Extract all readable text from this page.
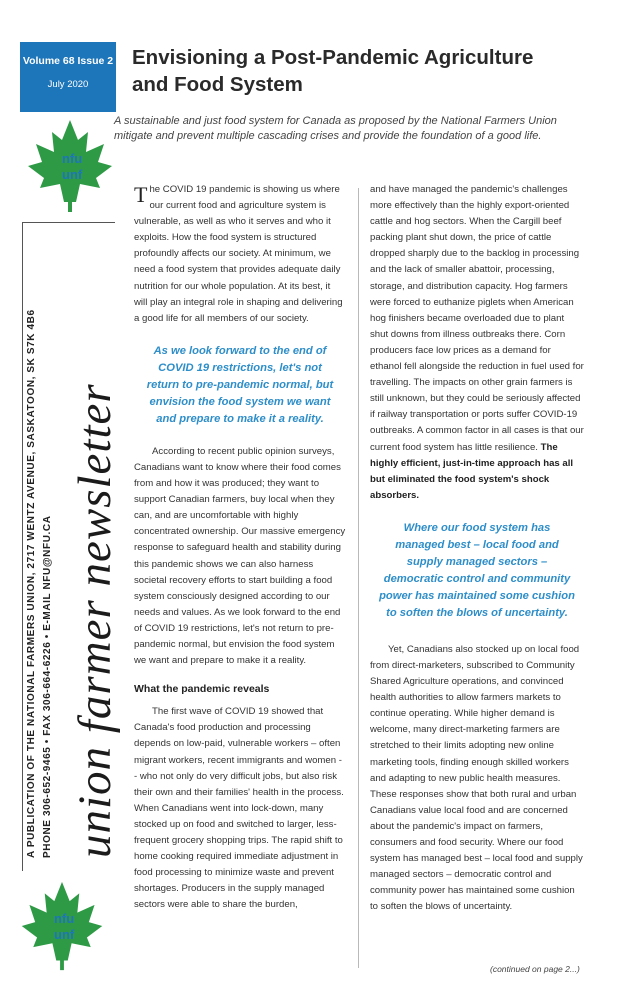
Volume 68 Issue 2
July 2020
nfu
unf
union farmer newsletter
A PUBLICATION OF THE NATIONAL FARMERS UNION, 2717 WENTZ AVENUE, SASKATOON, SK S7K 4B6 PHONE 306-652-9465 • FAX 306-664-6226 • E-MAIL NFU@NFU.CA
nfu
unf
Envisioning a Post-Pandemic Agriculture
and Food System
A sustainable and just food system for Canada as proposed by the National Farmers Union mitigate and prevent multiple cascading crises and provide the foundation of a good life.

The COVID 19 pandemic is showing us where our current food and agriculture system is vulnerable, as well as who it serves and who it exploits. How the food system is structured profoundly affects our society. At minimum, we need a food system that provides adequate daily nutrition for our whole population. At its best, it will play an integral role in shaping and delivering a good life for all members of our society.

As we look forward to the end of COVID 19 restrictions, let's not return to pre-pandemic normal, but envision the food system we want and prepare to make it a reality.

According to recent public opinion surveys, Canadians want to know where their food comes from and how it was produced; they want to support Canadian farmers, buy local when they can, and are uncomfortable with highly concentrated ownership. Our massive emergency response to safeguard health and stability during this pandemic shows we can also harness societal recovery efforts to start building a food system consciously designed according to our needs and values. As we look forward to the end of COVID 19 restrictions, let's not return to pre-pandemic normal, but envision the food system we want and prepare to make it a reality.

What the pandemic reveals

The first wave of COVID 19 showed that Canada's food production and processing depends on low-paid, vulnerable workers – often migrant workers, recent immigrants and women - - who not only do very difficult jobs, but also risk their own and their families' health in the process. When Canadians went into lock-down, many stocked up on food and switched to larger, less-frequent grocery shopping trips. The rapid shift to home cooking required immediate adjustment in food processing to minimize waste and prevent shortages. Producers in the supply managed sectors were able to share the burden,

and have managed the pandemic's challenges more effectively than the highly export-oriented cattle and hog sectors. When the Cargill beef packing plant shut down, the price of cattle dropped sharply due to the backlog in processing and the lack of smaller abattoir, processing, storage, and distribution capacity. Hog farmers were forced to euthanize piglets when American hog finishers became overloaded due to plant shut downs from illness outbreaks there. Corn producers face low prices as a demand for ethanol fell alongside the reduction in fuel used for travelling. The impacts on other grain farmers is still unknown, but they could be seriously affected if railway transportation or ports suffer COVID-19 outbreaks. A common factor in all cases is that our current food system has little resilience. The highly efficient, just-in-time approach has all but eliminated the food system's shock absorbers.

Where our food system has managed best – local food and supply managed sectors – democratic control and community power has maintained some cushion to soften the blows of uncertainty.

Yet, Canadians also stocked up on local food from direct-marketers, subscribed to Community Shared Agriculture operations, and convinced health authorities to allow farmers markets to continue operating. While higher demand is welcome, many direct-marketing farmers are stretched to their limits adopting new online marketing tools, finding enough skilled workers and adapting to new public health measures. These responses show that both rural and urban Canadians value local food and are concerned about the pandemic's impact on farmers, consumers and food security. Where our food system has managed best – local food and supply managed sectors – democratic control and community power has maintained some cushion to soften the blows of uncertainty.

(continued on page 2...)
